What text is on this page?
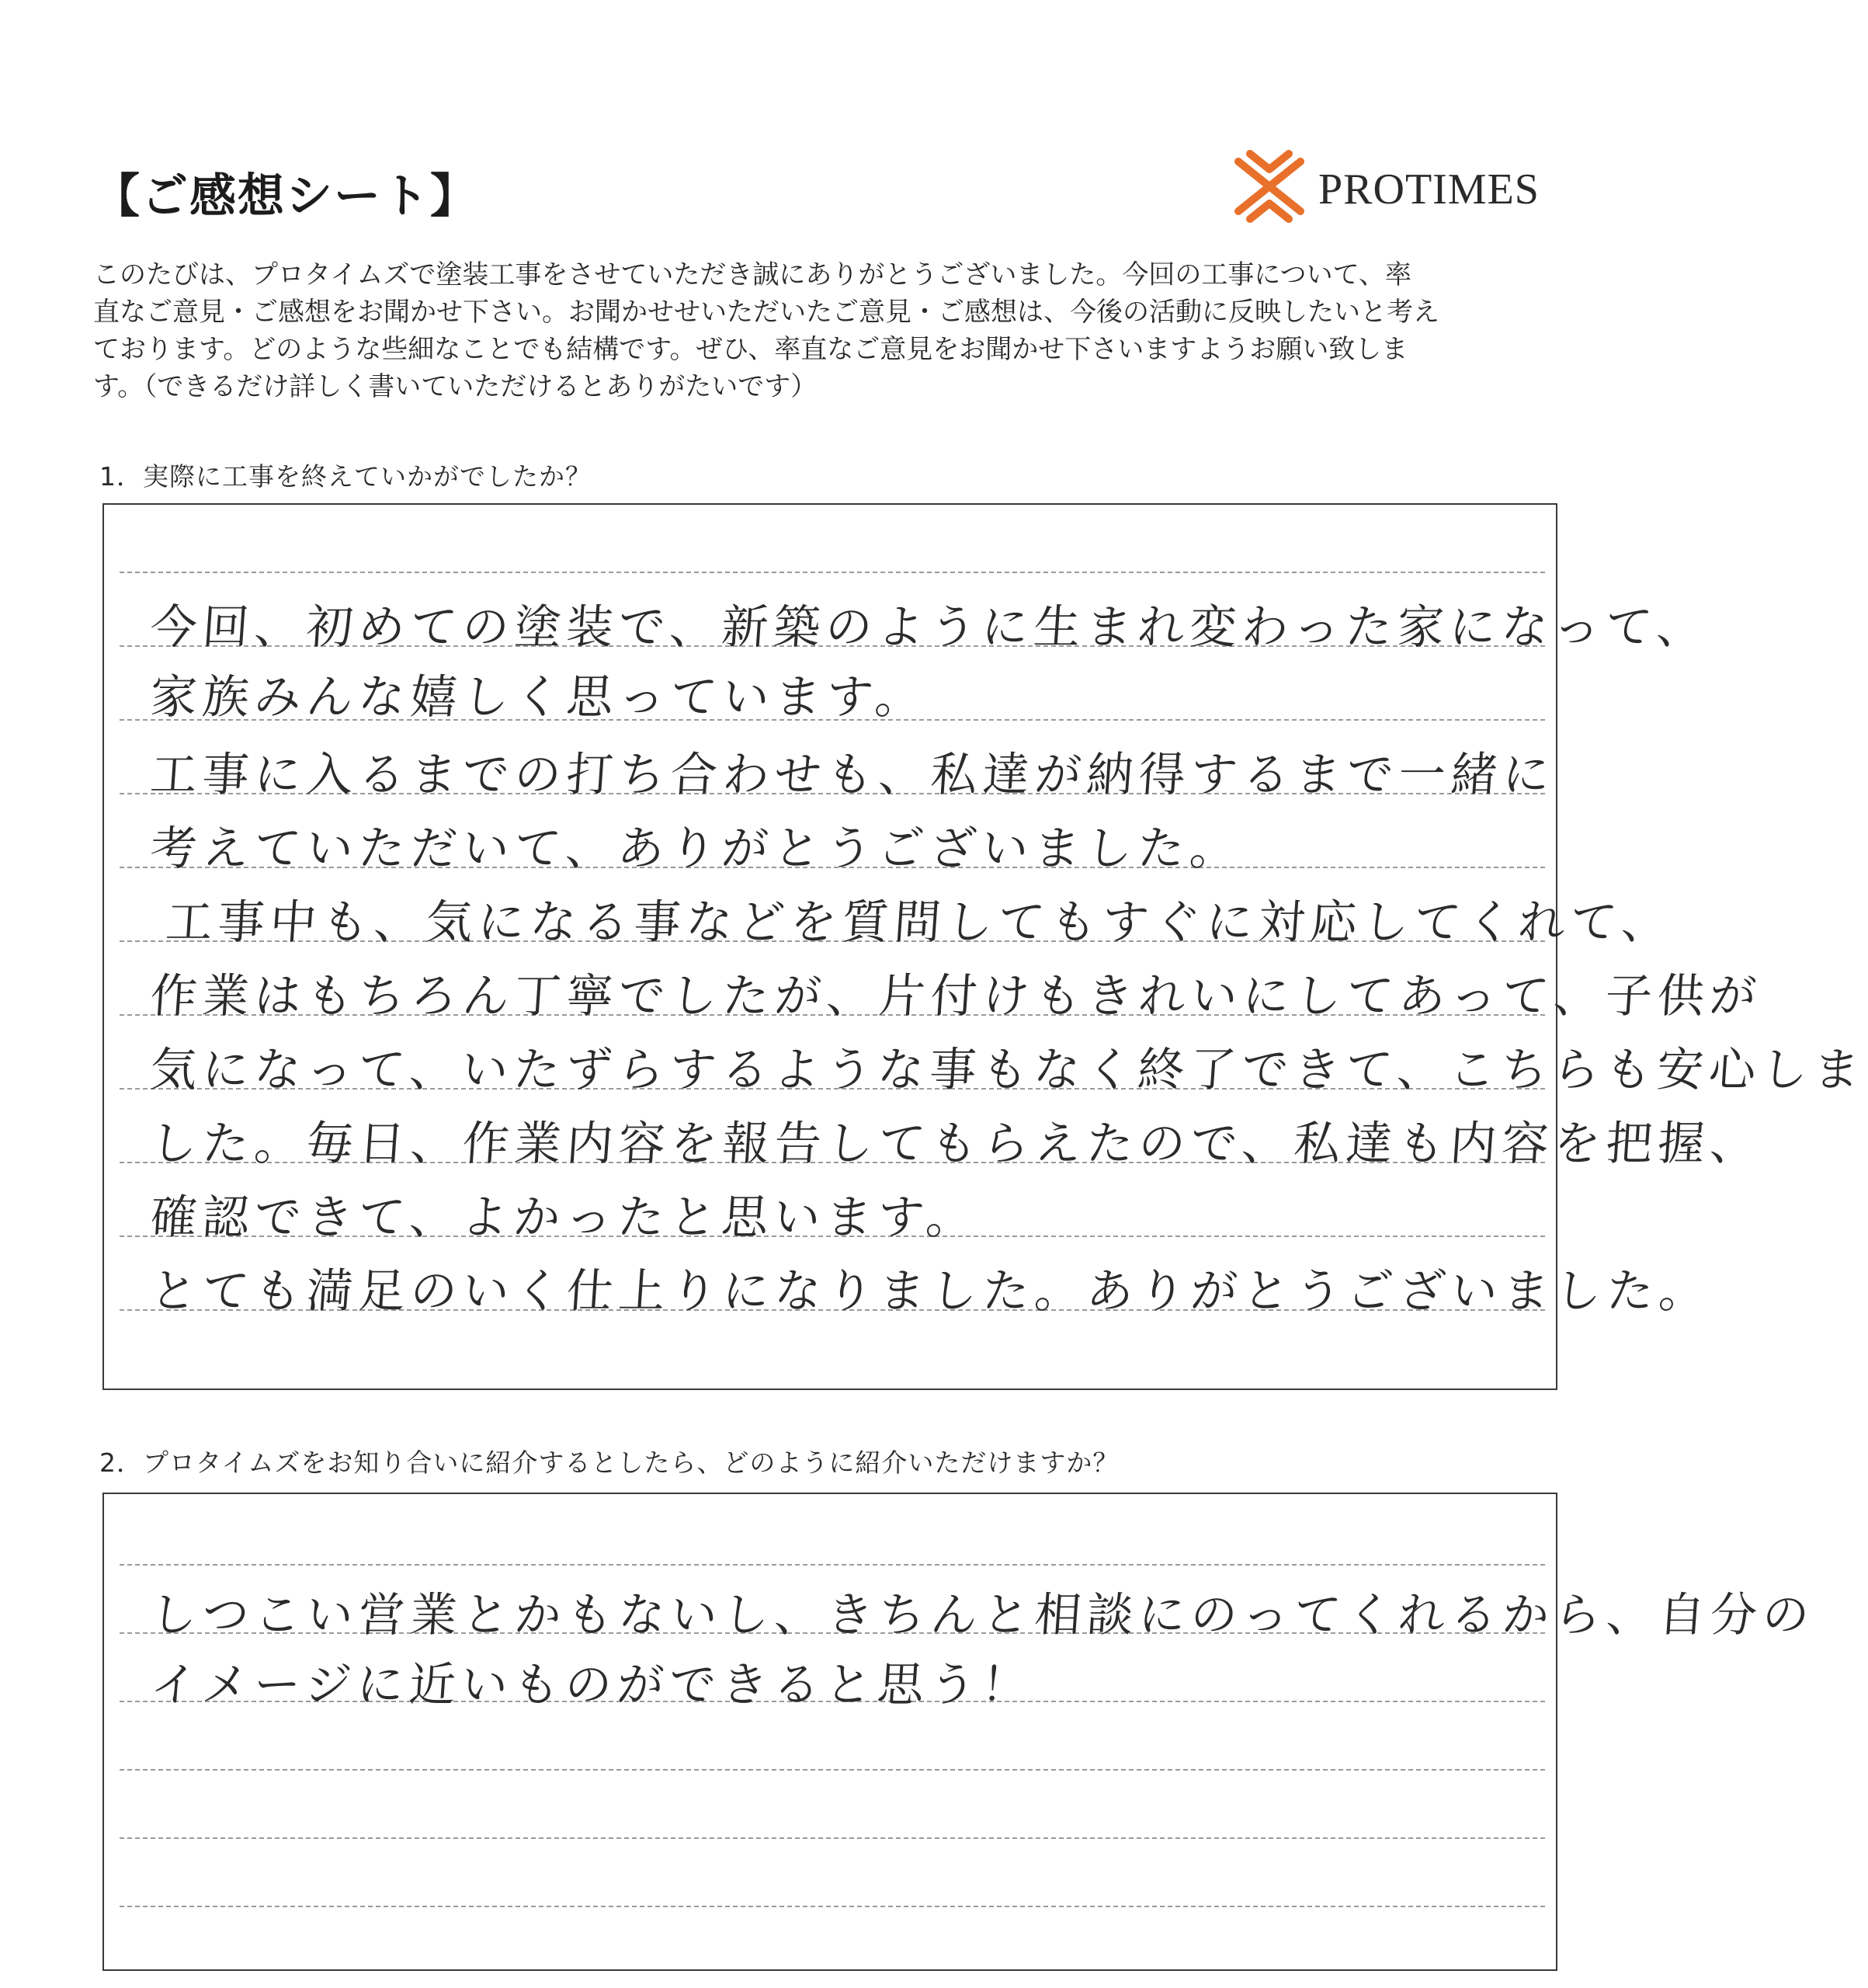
【ご感想シート】	PROTIMES
このたびは、プロタイムズで塗装工事をさせていただき誠にありがとうございました。今回の工事について、率
直なご意見・ご感想をお聞かせ下さい。お聞かせせいただいたご意見・ご感想は、今後の活動に反映したいと考え
ております。どのような些細なことでも結構です。ぜひ、率直なご意見をお聞かせ下さいますようお願い致しま
す。（できるだけ詳しく書いていただけるとありがたいです）
1．実際に工事を終えていかがでしたか？
今回、初めての塗装で、新築のように生まれ変わった家になって、
家族みんな嬉しく思っています。
工事に入るまでの打ち合わせも、私達が納得するまで一緒に
考えていただいて、ありがとうございました。
工事中も、気になる事などを質問してもすぐに対応してくれて、
作業はもちろん丁寧でしたが、片付けもきれいにしてあって、子供が
気になって、いたずらするような事もなく終了できて、こちらも安心しま
した。毎日、作業内容を報告してもらえたので、私達も内容を把握、
確認できて、よかったと思います。
とても満足のいく仕上りになりました。ありがとうございました。
2．プロタイムズをお知り合いに紹介するとしたら、どのように紹介いただけますか？
しつこい営業とかもないし、きちんと相談にのってくれるから、自分の
イメージに近いものができると思う！
